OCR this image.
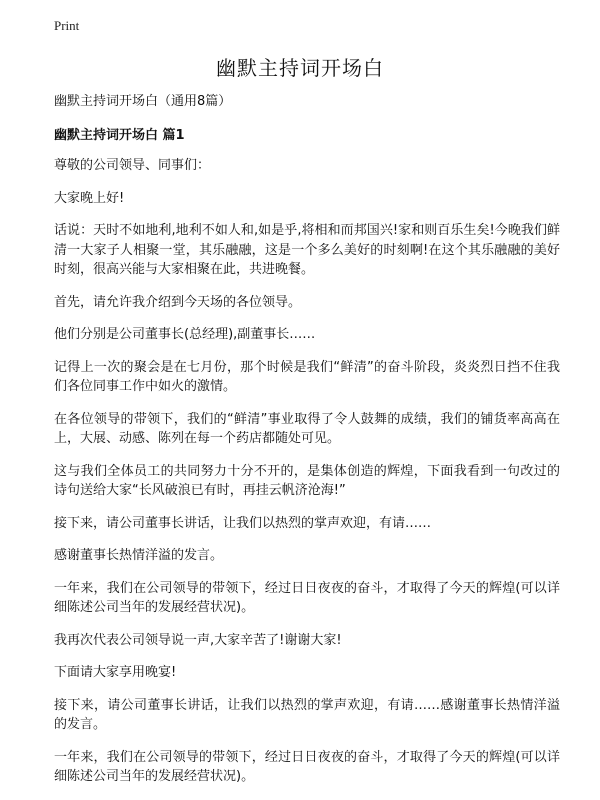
Print
幽默主持词开场白
幽默主持词开场白（通用8篇）
幽默主持词开场白 篇1

尊敬的公司领导、同事们：

大家晚上好!

话说：天时不如地利,地利不如人和,如是乎,将相和而邦国兴!家和则百乐生矣!今晚我们鲜清一大家子人相聚一堂，其乐融融，这是一个多么美好的时刻啊!在这个其乐融融的美好时刻，很高兴能与大家相聚在此，共进晚餐。

首先，请允许我介绍到今天场的各位领导。

他们分别是公司董事长(总经理),副董事长……

记得上一次的聚会是在七月份，那个时候是我们“鲜清”的奋斗阶段，炎炎烈日挡不住我们各位同事工作中如火的激情。

在各位领导的带领下，我们的“鲜清”事业取得了令人鼓舞的成绩，我们的铺货率高高在上，大展、动感、陈列在每一个药店都随处可见。

这与我们全体员工的共同努力十分不开的，是集体创造的辉煌，下面我看到一句改过的诗句送给大家“长风破浪已有时，再挂云帆济沧海!”

接下来，请公司董事长讲话，让我们以热烈的掌声欢迎，有请……

感谢董事长热情洋溢的发言。

一年来，我们在公司领导的带领下，经过日日夜夜的奋斗，才取得了今天的辉煌(可以详细陈述公司当年的发展经营状况)。

我再次代表公司领导说一声,大家辛苦了!谢谢大家!

下面请大家享用晚宴!

接下来，请公司董事长讲话，让我们以热烈的掌声欢迎，有请……感谢董事长热情洋溢的发言。

一年来，我们在公司领导的带领下，经过日日夜夜的奋斗，才取得了今天的辉煌(可以详细陈述公司当年的发展经营状况)。
